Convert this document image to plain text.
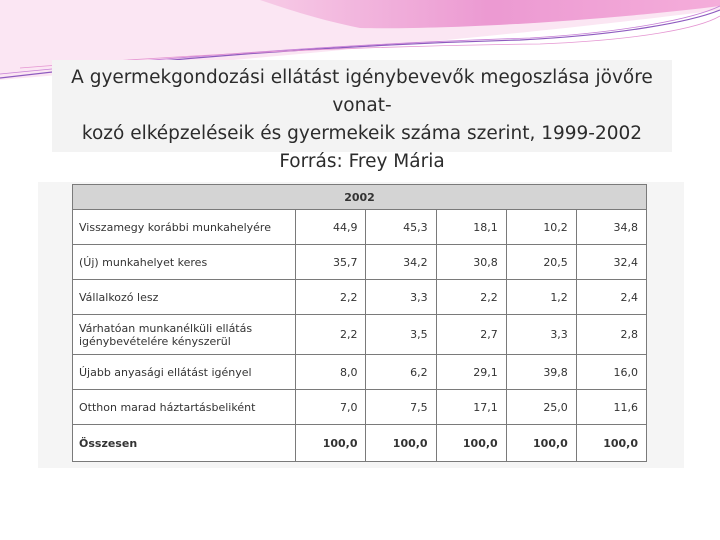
A gyermekgondozási ellátást igénybevevők megoszlása jövőre vonat-
kozó elképzeléseik és gyermekeik száma szerint, 1999-2002
Forrás: Frey Mária
2002					
Visszamegy korábbi munkahelyére	44,9	45,3	18,1	10,2	34,8
(Új) munkahelyet keres	35,7	34,2	30,8	20,5	32,4
Vállalkozó lesz	2,2	3,3	2,2	1,2	2,4
Várhatóan munkanélküli ellátás igénybevételére kényszerül	2,2	3,5	2,7	3,3	2,8
Újabb anyasági ellátást igényel	8,0	6,2	29,1	39,8	16,0
Otthon marad háztartásbeliként	7,0	7,5	17,1	25,0	11,6
Összesen	100,0	100,0	100,0	100,0	100,0
